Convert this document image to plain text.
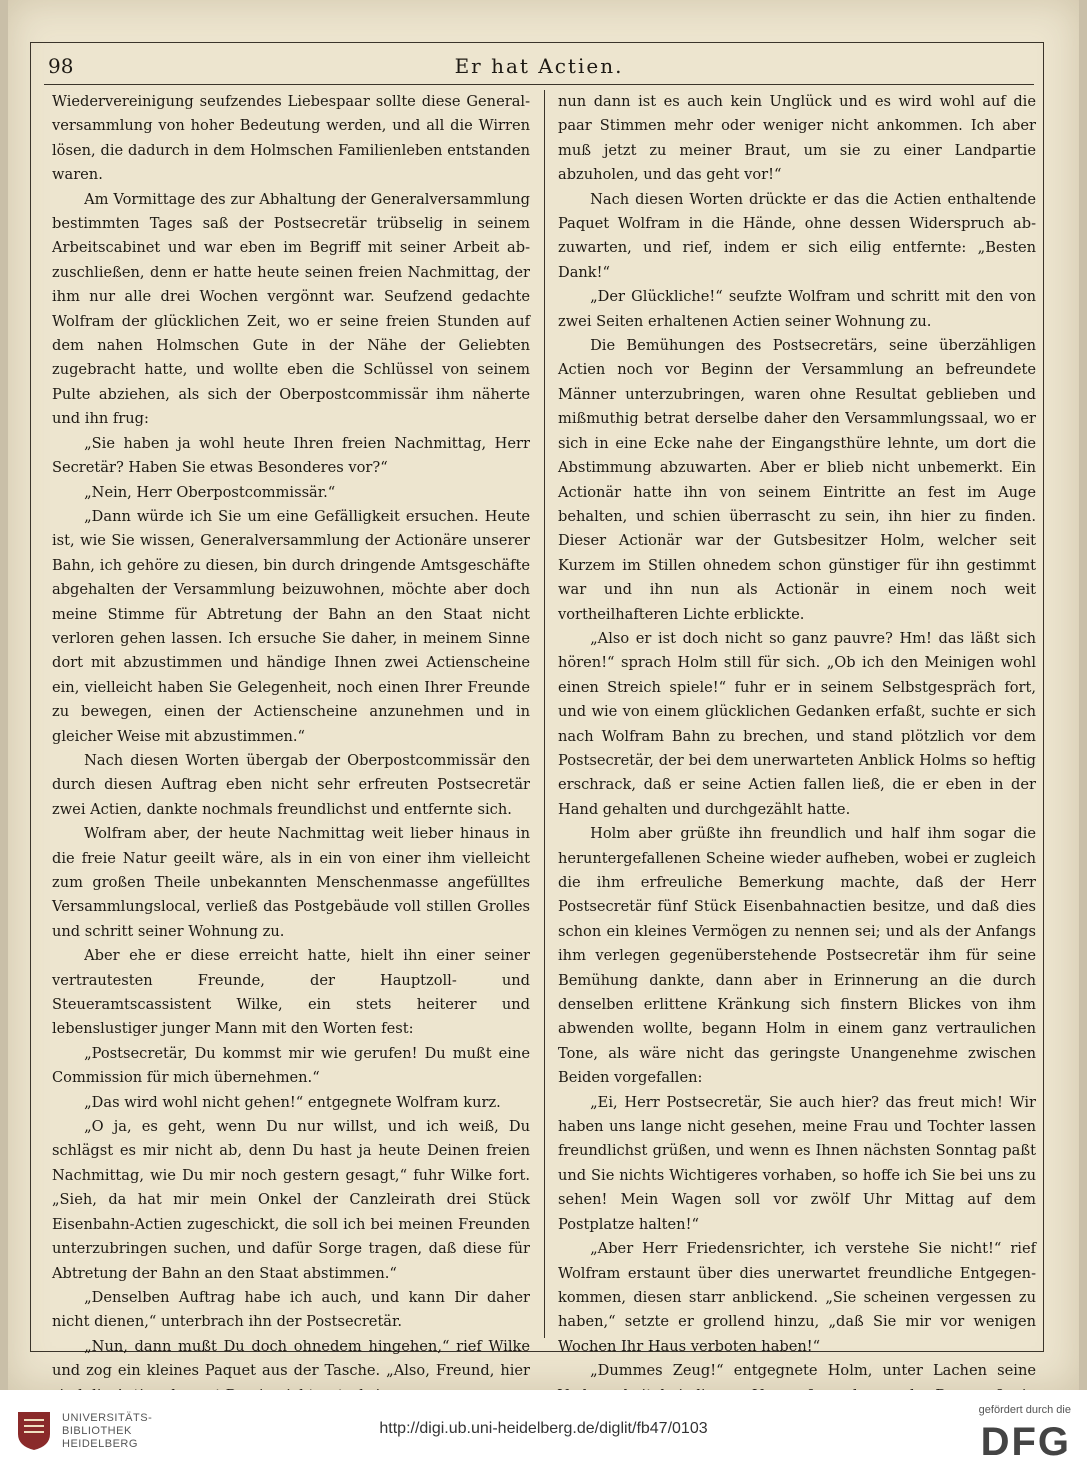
98	Er hat Actien.

Wiedervereinigung seufzendes Liebespaar sollte diese Generalversammlung von hoher Bedeutung werden, und all die Wirren lösen, die dadurch in dem Holmschen Familienleben entstanden waren.

Am Vormittage des zur Abhaltung der Generalversammlung bestimmten Tages saß der Postsecretär trübselig in seinem Arbeitscabinet und war eben im Begriff mit seiner Arbeit abzuschließen, denn er hatte heute seinen freien Nachmittag, der ihm nur alle drei Wochen vergönnt war. Seufzend gedachte Wolfram der glücklichen Zeit, wo er seine freien Stunden auf dem nahen Holmschen Gute in der Nähe der Geliebten zugebracht hatte, und wollte eben die Schlüssel von seinem Pulte abziehen, als sich der Oberpostcommissär ihm näherte und ihn frug:

„Sie haben ja wohl heute Ihren freien Nachmittag, Herr Secretär? Haben Sie etwas Besonderes vor?“

„Nein, Herr Oberpostcommissär.“

„Dann würde ich Sie um eine Gefälligkeit ersuchen. Heute ist, wie Sie wissen, Generalversammlung der Actionäre unserer Bahn, ich gehöre zu diesen, bin durch dringende Amtsgeschäfte abgehalten der Versammlung beizuwohnen, möchte aber doch meine Stimme für Abtretung der Bahn an den Staat nicht verloren gehen lassen. Ich ersuche Sie daher, in meinem Sinne dort mit abzustimmen und händige Ihnen zwei Actienscheine ein, vielleicht haben Sie Gelegenheit, noch einen Ihrer Freunde zu bewegen, einen der Actienscheine anzunehmen und in gleicher Weise mit abzustimmen.“

Nach diesen Worten übergab der Oberpostcommissär den durch diesen Auftrag eben nicht sehr erfreuten Postsecretär zwei Actien, dankte nochmals freundlichst und entfernte sich.

Wolfram aber, der heute Nachmittag weit lieber hinaus in die freie Natur geeilt wäre, als in ein von einer ihm vielleicht zum großen Theile unbekannten Menschenmasse angefülltes Versammlungslocal, verließ das Postgebäude voll stillen Grolles und schritt seiner Wohnung zu.

Aber ehe er diese erreicht hatte, hielt ihn einer seiner vertrautesten Freunde, der Hauptzoll- und Steueramtscassistent Wilke, ein stets heiterer und lebenslustiger junger Mann mit den Worten fest:

„Postsecretär, Du kommst mir wie gerufen! Du mußt eine Commission für mich übernehmen.“

„Das wird wohl nicht gehen!“ entgegnete Wolfram kurz.

„O ja, es geht, wenn Du nur willst, und ich weiß, Du schlägst es mir nicht ab, denn Du hast ja heute Deinen freien Nachmittag, wie Du mir noch gestern gesagt,“ fuhr Wilke fort. „Sieh, da hat mir mein Onkel der Canzleirath drei Stück Eisenbahn-Actien zugeschickt, die soll ich bei meinen Freunden unterzubringen suchen, und dafür Sorge tragen, daß diese für Abtretung der Bahn an den Staat abstimmen.“

„Denselben Auftrag habe ich auch, und kann Dir daher nicht dienen,“ unterbrach ihn der Postsecretär.

„Nun, dann mußt Du doch ohnedem hingehen,“ rief Wilke und zog ein kleines Paquet aus der Tasche. „Also, Freund, hier

nun dann ist es auch kein Unglück und es wird wohl auf die paar Stimmen mehr oder weniger nicht ankommen. Ich aber muß jetzt zu meiner Braut, um sie zu einer Landpartie abzuholen, und das geht vor!“

Nach diesen Worten drückte er das die Actien enthaltende Paquet Wolfram in die Hände, ohne dessen Widerspruch abzuwarten, und rief, indem er sich eilig entfernte: „Besten Dank!“

„Der Glückliche!“ seufzte Wolfram und schritt mit den von zwei Seiten erhaltenen Actien seiner Wohnung zu.

Die Bemühungen des Postsecretärs, seine überzähligen Actien noch vor Beginn der Versammlung an befreundete Männer unterzubringen, waren ohne Resultat geblieben und mißmuthig betrat derselbe daher den Versammlungssaal, wo er sich in eine Ecke nahe der Eingangsthüre lehnte, um dort die Abstimmung abzuwarten. Aber er blieb nicht unbemerkt. Ein Actionär hatte ihn von seinem Eintritte an fest im Auge behalten, und schien überrascht zu sein, ihn hier zu finden. Dieser Actionär war der Gutsbesitzer Holm, welcher seit Kurzem im Stillen ohnedem schon günstiger für ihn gestimmt war und ihn nun als Actionär in einem noch weit vortheilhafteren Lichte erblickte.

„Also er ist doch nicht so ganz pauvre? Hm! das läßt sich hören!“ sprach Holm still für sich. „Ob ich den Meinigen wohl einen Streich spiele!“ fuhr er in seinem Selbstgespräch fort, und wie von einem glücklichen Gedanken erfaßt, suchte er sich nach Wolfram Bahn zu brechen, und stand plötzlich vor dem Postsecretär, der bei dem unerwarteten Anblick Holms so heftig erschrack, daß er seine Actien fallen ließ, die er eben in der Hand gehalten und durchgezählt hatte.

Holm aber grüßte ihn freundlich und half ihm sogar die heruntergefallenen Scheine wieder aufheben, wobei er zugleich die ihm erfreuliche Bemerkung machte, daß der Herr Postsecretär fünf Stück Eisenbahnactien besitze, und daß dies schon ein kleines Vermögen zu nennen sei; und als der Anfangs ihm verlegen gegenüberstehende Postsecretär ihm für seine Bemühung dankte, dann aber in Erinnerung an die durch denselben erlittene Kränkung sich finstern Blickes von ihm abwenden wollte, begann Holm in einem ganz vertraulichen Tone, als wäre nicht das geringste Unangenehme zwischen Beiden vorgefallen:

„Ei, Herr Postsecretär, Sie auch hier? das freut mich! Wir haben uns lange nicht gesehen, meine Frau und Tochter lassen freundlichst grüßen, und wenn es Ihnen nächsten Sonntag paßt und Sie nichts Wichtigeres vorhaben, so hoffe ich Sie bei uns zu sehen! Mein Wagen soll vor zwölf Uhr Mittag auf dem Postplatze halten!“

„Aber Herr Friedensrichter, ich verstehe Sie nicht!“ rief Wolfram erstaunt über dies unerwartet freundliche Entgegenkommen, diesen starr anblickend. „Sie scheinen vergessen zu haben,“ setzte er grollend hinzu, „daß Sie mir vor wenigen Wochen Ihr Haus verboten haben!“

„Dummes Zeug!“ entgegnete Holm, unter Lachen seine

UNIVERSITÄTS-
BIBLIOTHEK
HEIDELBERG
http://digi.ub.uni-heidelberg.de/diglit/fb47/0103
gefördert durch die
DFG
